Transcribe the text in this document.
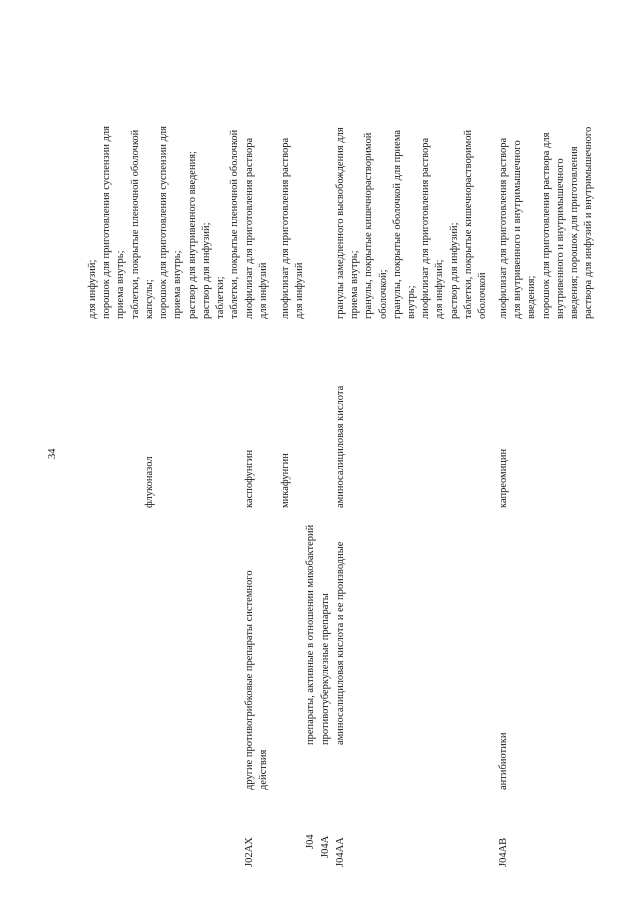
34
для инфузий; порошок для приготовления суспензии для приема внутрь; таблетки, покрытые пленочной оболочкой
флуконазол
капсулы; порошок для приготовления суспензии для приема внутрь; раствор для внутривенного введения; раствор для инфузий; таблетки; таблетки, покрытые пленочной оболочкой
J02AX
другие противогрибковые препараты системного действия
каспофунгин
лиофилизат для приготовления раствора для инфузий
микафунгин
лиофилизат для приготовления раствора для инфузий
J04
препараты, активные в отношении микобактерий
J04A
противотуберкулезные препараты
J04AA
аминосалициловая кислота и ее производные
аминосалициловая кислота
гранулы замедленного высвобождения для приема внутрь; гранулы, покрытые кишечнорастворимой оболочкой; гранулы, покрытые оболочкой для приема внутрь; лиофилизат для приготовления раствора для инфузий; раствор для инфузий; таблетки, покрытые кишечнорастворимой оболочкой
J04AB
антибиотики
капреомицин
лиофилизат для приготовления раствора для внутривенного и внутримышечного введения; порошок для приготовления раствора для внутривенного и внутримышечного введения; порошок для приготовления раствора для инфузий и внутримышечного
